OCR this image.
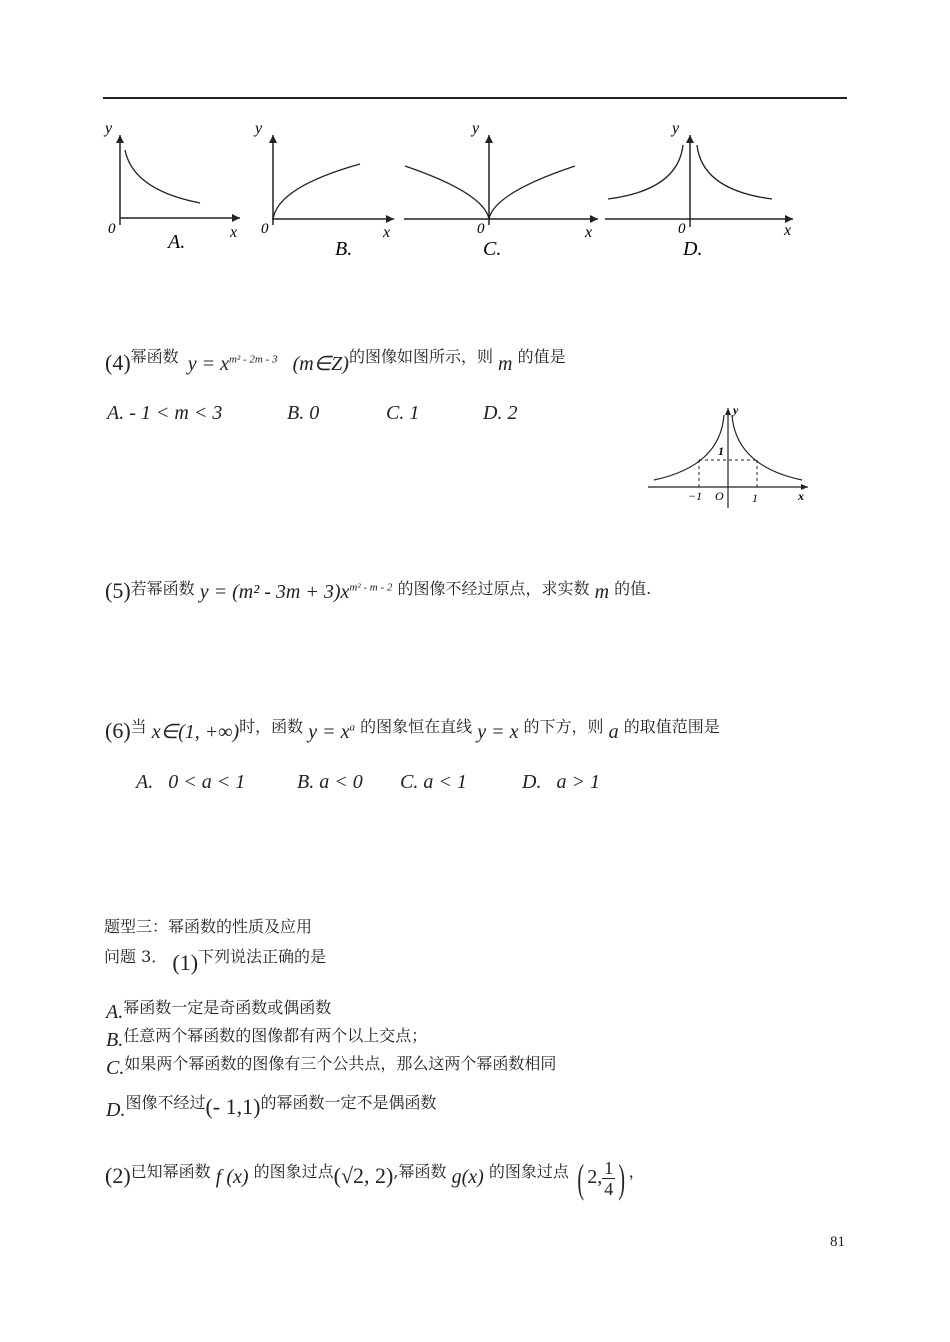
y
0	x
A.
y
0	x
B.
y
0	x
C.
y
0	x
D.
(4)幂函数 $y = x^{m^2 - 2m - 3}$ (m∈Z)的图像如图所示，则 m 的值是
A. - 1 < m < 3	B. 0	C. 1	D. 2	y
1
x
O
−1	1
(5)若幂函数 $y = (m^2 - 3m + 3)x^{m^2 - m - 2}$ 的图像不经过原点，求实数 m 的值.
(6)当 x∈(1, +∞)时，函数 $y = x^a$ 的图象恒在直线 y = x 的下方，则 a 的取值范围是
A.   0 < a < 1	B. a < 0 C. a < 1	D.   a > 1
题型三：幂函数的性质及应用
问题 3． (1)下列说法正确的是
A.幂函数一定是奇函数或偶函数
B.任意两个幂函数的图像都有两个以上交点；
C.如果两个幂函数的图像有三个公共点，那么这两个幂函数相同
D.图像不经过(- 1,1)的幂函数一定不是偶函数
(2)已知幂函数 f (x) 的图象过点(√2, 2),幂函数 g(x) 的图象过点 ( 2, $\frac{1}{4}$ ) ，
81
